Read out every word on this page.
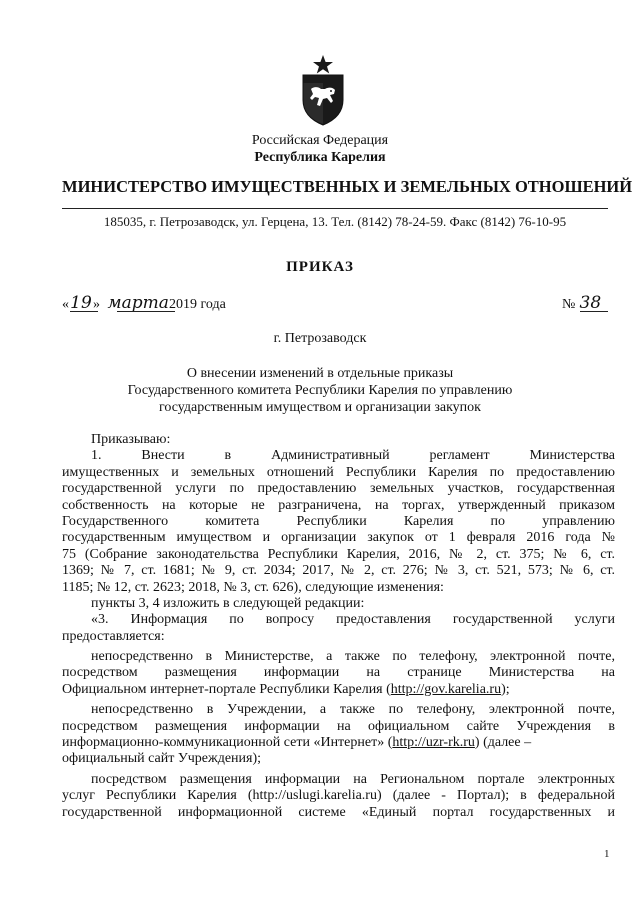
Российская Федерация
Республика Карелия
МИНИСТЕРСТВО ИМУЩЕСТВЕННЫХ И ЗЕМЕЛЬНЫХ ОТНОШЕНИЙ
185035, г. Петрозаводск, ул. Герцена, 13. Тел. (8142) 78-24-59. Факс (8142) 76-10-95
ПРИКАЗ
«19» марта 2019 года	№ 38
г. Петрозаводск
О внесении изменений в отдельные приказы
Государственного комитета Республики Карелия по управлению
государственным имуществом и организации закупок
Приказываю:
1. Внести в Административный регламент Министерства
имущественных и земельных отношений Республики Карелия по предоставлению
государственной услуги по предоставлению земельных участков, государственная
собственность на которые не разграничена, на торгах, утвержденный приказом
Государственного комитета Республики Карелия по управлению
государственным имуществом и организации закупок от 1 февраля 2016 года №
75 (Собрание законодательства Республики Карелия, 2016, № 2, ст. 375; № 6, ст.
1369; № 7, ст. 1681; № 9, ст. 2034; 2017, № 2, ст. 276; № 3, ст. 521, 573; № 6, ст.
1185; № 12, ст. 2623; 2018, № 3, ст. 626), следующие изменения:
пункты 3, 4 изложить в следующей редакции:
«3. Информация по вопросу предоставления государственной услуги
предоставляется:
непосредственно в Министерстве, а также по телефону, электронной почте,
посредством размещения информации на странице Министерства на
Официальном интернет-портале Республики Карелия (http://gov.karelia.ru);
непосредственно в Учреждении, а также по телефону, электронной почте,
посредством размещения информации на официальном сайте Учреждения в
информационно-коммуникационной сети «Интернет» (http://uzr-rk.ru) (далее –
официальный сайт Учреждения);
посредством размещения информации на Региональном портале электронных
услуг Республики Карелия (http://uslugi.karelia.ru) (далее - Портал); в федеральной
государственной информационной системе «Единый портал государственных и
1
